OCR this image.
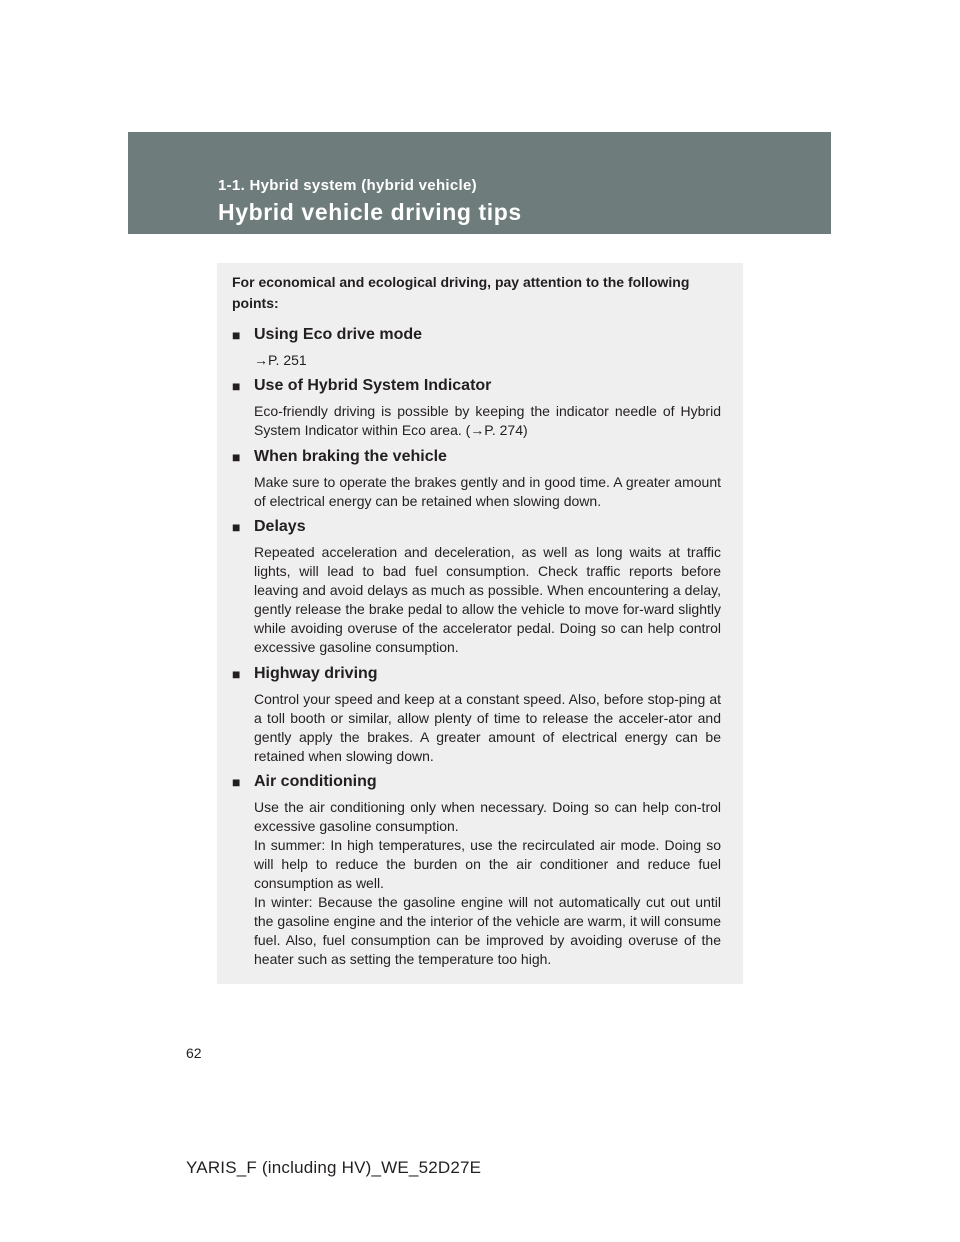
1-1. Hybrid system (hybrid vehicle)

Hybrid vehicle driving tips

For economical and ecological driving, pay attention to the following points:

■ Using Eco drive mode

→P. 251

■ Use of Hybrid System Indicator

Eco-friendly driving is possible by keeping the indicator needle of Hybrid System Indicator within Eco area. (→P. 274)

■ When braking the vehicle

Make sure to operate the brakes gently and in good time. A greater amount of electrical energy can be retained when slowing down.

■ Delays

Repeated acceleration and deceleration, as well as long waits at traffic lights, will lead to bad fuel consumption. Check traffic reports before leaving and avoid delays as much as possible. When encountering a delay, gently release the brake pedal to allow the vehicle to move for-ward slightly while avoiding overuse of the accelerator pedal. Doing so can help control excessive gasoline consumption.

■ Highway driving

Control your speed and keep at a constant speed. Also, before stop-ping at a toll booth or similar, allow plenty of time to release the acceler-ator and gently apply the brakes. A greater amount of electrical energy can be retained when slowing down.

■ Air conditioning

Use the air conditioning only when necessary. Doing so can help con-trol excessive gasoline consumption.

In summer: In high temperatures, use the recirculated air mode. Doing so will help to reduce the burden on the air conditioner and reduce fuel consumption as well.

In winter: Because the gasoline engine will not automatically cut out until the gasoline engine and the interior of the vehicle are warm, it will consume fuel. Also, fuel consumption can be improved by avoiding overuse of the heater such as setting the temperature too high.

62
YARIS_F (including HV)_WE_52D27E
